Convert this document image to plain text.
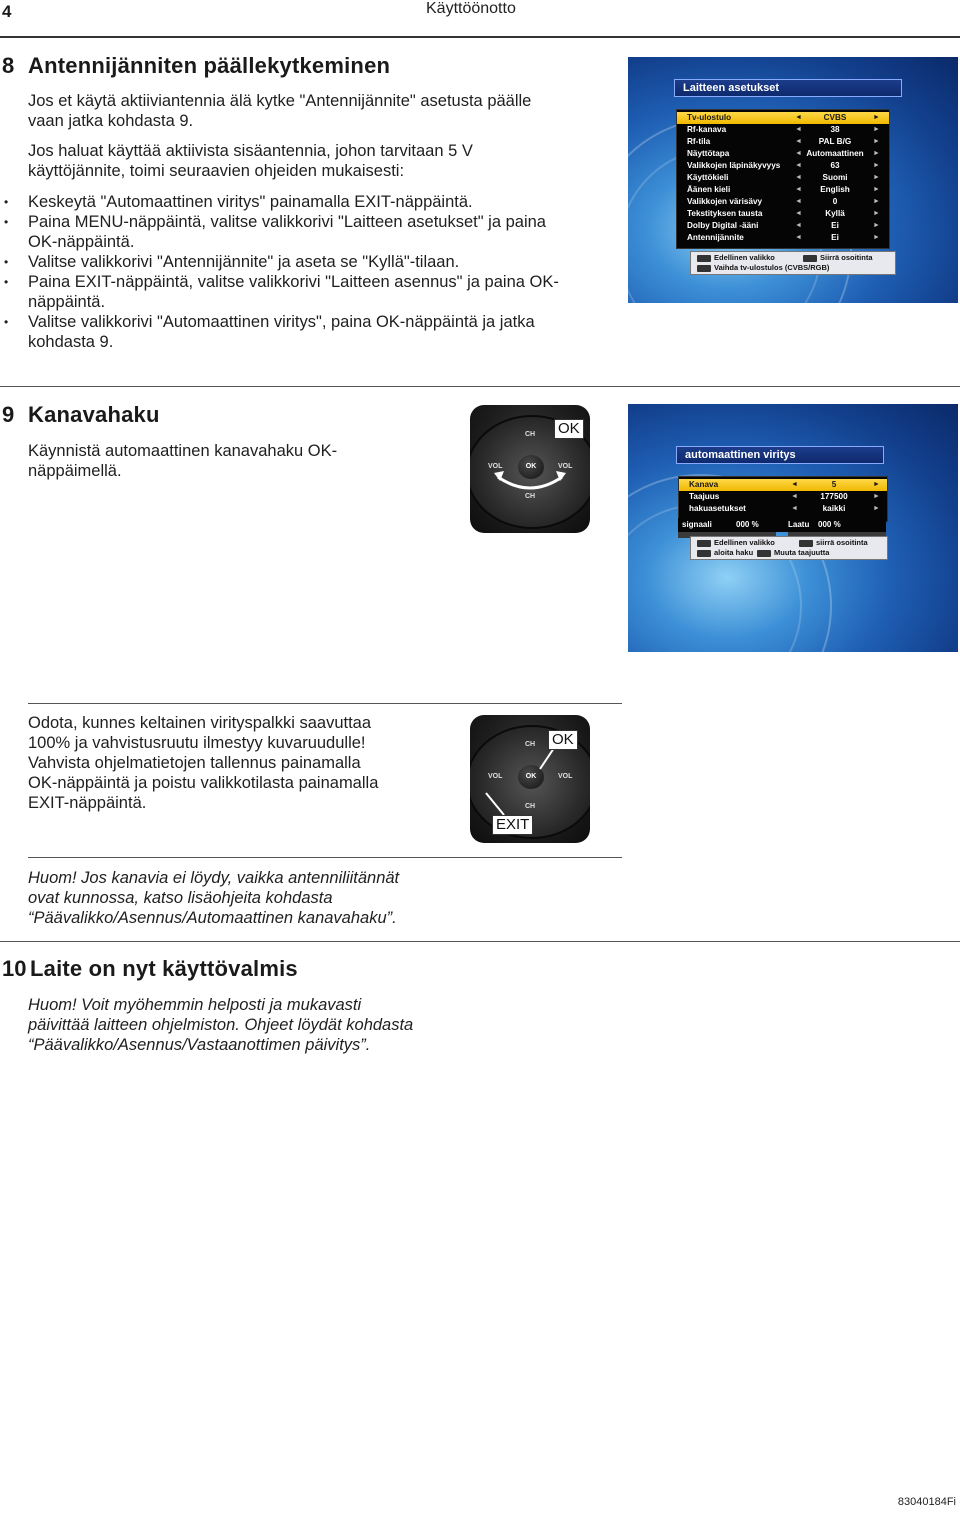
4	Käyttöönotto
8 Antennijänniten päällekytkeminen
Jos et käytä aktiiviantennia älä kytke "Antennijännite" asetusta päälle
vaan jatka kohdasta 9.
Jos haluat käyttää aktiivista sisäantennia, johon tarvitaan 5 V
käyttöjännite, toimi seuraavien ohjeiden mukaisesti:
• Keskeytä "Automaattinen viritys" painamalla EXIT-näppäintä.
• Paina MENU-näppäintä, valitse valikkorivi "Laitteen asetukset" ja paina
OK-näppäintä.
• Valitse valikkorivi "Antennijännite" ja aseta se "Kyllä"-tilaan.
• Paina EXIT-näppäintä, valitse valikkorivi "Laitteen asennus" ja paina OK-
näppäintä.
• Valitse valikkorivi "Automaattinen viritys", paina OK-näppäintä ja jatka
kohdasta 9.
Laitteen asetukset
Tv-ulostulo	◄	CVBS	►
Rf-kanava	◄	38	►
Rf-tila	◄	PAL B/G	►
Näyttötapa	◄ Automaattinen	►
Valikkojen läpinäkyvyys ◄	63	►
Käyttökieli	◄	Suomi	►
Äänen kieli	◄	English	►
Valikkojen värisävy	◄	0	►
Tekstityksen tausta	◄	Kyllä	►
Dolby Digital -ääni	◄	Ei	►
Antennijännite	◄	Ei	►
Edellinen valikko	Siirrä osoitinta
Vaihda tv-ulostulos (CVBS/RGB)
9 Kanavahaku
Käynnistä automaattinen kanavahaku OK-
näppäimellä.	OK
CH
CH
VOL	VOL
OK
automaattinen viritys
Kanava	◄	5	►
Taajuus	◄	177500	►
hakuasetukset	◄	kaikki	►
signaali	000 %	Laatu 000 %
Edellinen valikko	siirrä osoitinta
aloita haku	Muuta taajuutta
Odota, kunnes keltainen virityspalkki saavuttaa
100% ja vahvistusruutu ilmestyy kuvaruudulle!
Vahvista ohjelmatietojen tallennus painamalla
OK-näppäintä ja poistu valikkotilasta painamalla
EXIT-näppäintä.
OK
CH
CH
VOL	VOL
OK
EXIT
Huom! Jos kanavia ei löydy, vaikka antenniliitännät
ovat kunnossa, katso lisäohjeita kohdasta
“Päävalikko/Asennus/Automaattinen kanavahaku”.
10 Laite on nyt käyttövalmis
Huom! Voit myöhemmin helposti ja mukavasti
päivittää laitteen ohjelmiston. Ohjeet löydät kohdasta
“Päävalikko/Asennus/Vastaanottimen päivitys”.
83040184Fi
